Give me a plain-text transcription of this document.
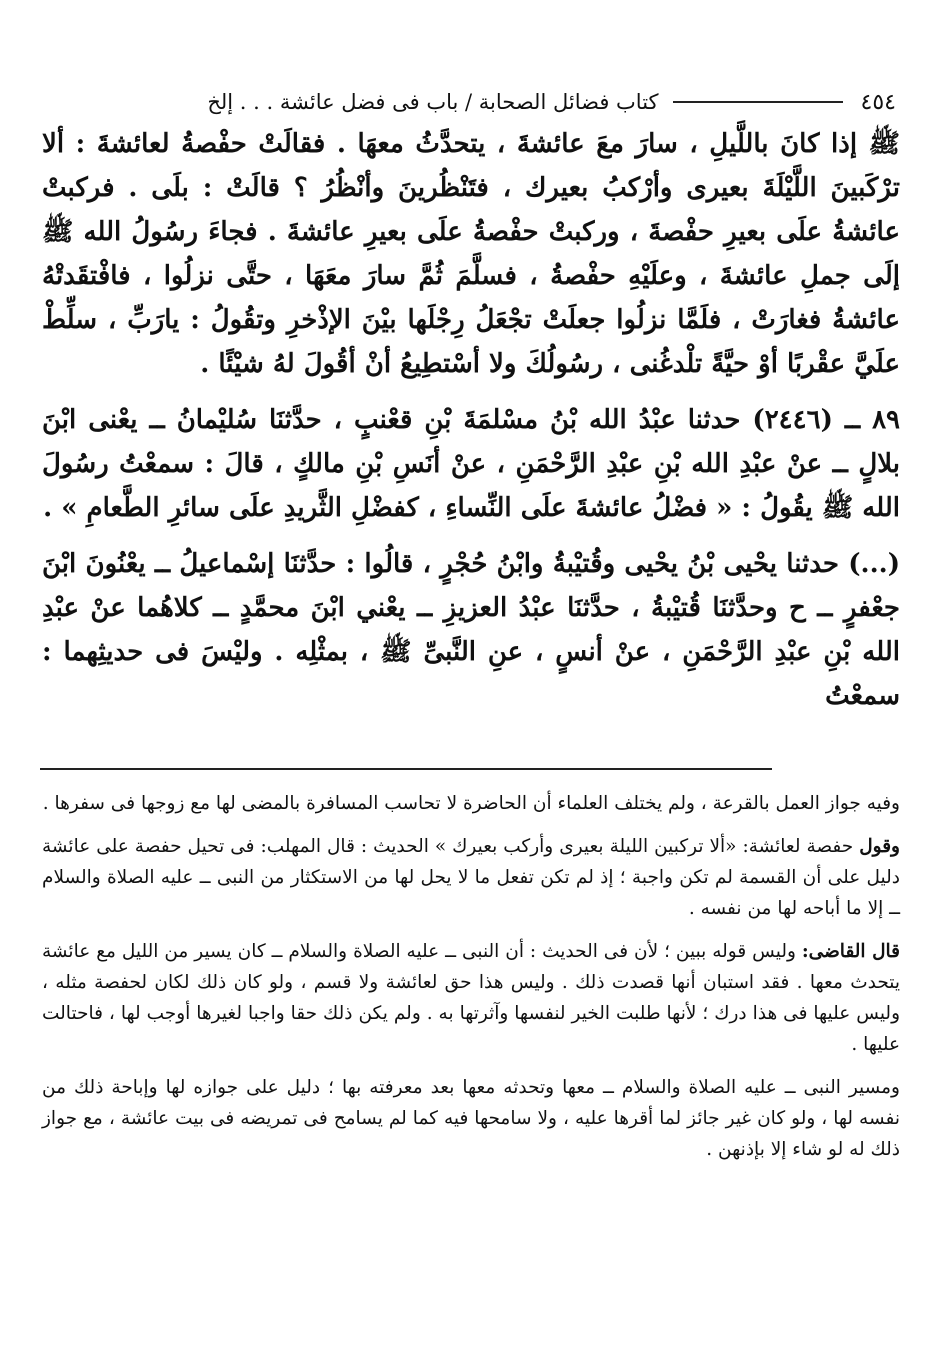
٤٥٤
كتاب فضائل الصحابة / باب فى فضل عائشة . . . إلخ

ﷺ إذا كانَ باللَّيلِ ، سارَ معَ عائشةَ ، يتحدَّثُ معهَا . فقالَتْ حفْصةُ لعائشةَ : ألا ترْكَبينَ اللَّيْلَةَ بعيرى وأرْكبُ بعيرك ، فتَنْظُرينَ وأنْظُرُ ؟ قالَتْ : بلَى . فركبتْ عائشةُ علَى بعيرِ حفْصةَ ، وركبتْ حفْصةُ علَى بعيرِ عائشةَ . فجاءَ رسُولُ الله ﷺ إلَى جملِ عائشةَ ، وعلَيْهِ حفْصةُ ، فسلَّمَ ثُمَّ سارَ معَهَا ، حتَّى نزلُوا ، فافْتقَدتْهُ عائشةُ فغارَتْ ، فلَمَّا نزلُوا جعلَتْ تجْعَلُ رِجْلَها بيْنَ الإذْخرِ وتقُولُ : يارَبِّ ، سلِّطْ علَيَّ عقْربًا أوْ حيَّةً تلْدغُنى ، رسُولُكَ ولا أسْتطِيعُ أنْ أقُولَ لهُ شيْئًا .

٨٩ ــ (٢٤٤٦) حدثنا عبْدُ الله بْنُ مسْلمَةَ بْنِ قعْنبٍ ، حدَّثنَا سُليْمانُ ــ يعْنى ابْنَ بلالٍ ــ عنْ عبْدِ الله بْنِ عبْدِ الرَّحْمَنِ ، عنْ أنَسِ بْنِ مالكٍ ، قالَ : سمعْتُ رسُولَ الله ﷺ يقُولُ : « فضْلُ عائشةَ علَى النِّساءِ ، كفضْلِ الثَّريدِ علَى سائرِ الطَّعامِ » .

(...) حدثنا يحْيى بْنُ يحْيى وقُتيْبةُ وابْنُ حُجْرٍ ، قالُوا : حدَّثنَا إسْماعيلُ ــ يعْنُونَ ابْنَ جعْفرٍ ــ ح وحدَّثنَا قُتيْبةُ ، حدَّثنَا عبْدُ العزيزِ ــ يعْني ابْنَ محمَّدٍ ــ كلاهُما عنْ عبْدِ الله بْنِ عبْدِ الرَّحْمَنِ ، عنْ أنسٍ ، عنِ النَّبىِّ ﷺ ، بمثْلِه . وليْسَ فى حديثِهما : سمعْتُ

وفيه جواز العمل بالقرعة ، ولم يختلف العلماء أن الحاضرة لا تحاسب المسافرة بالمضى لها مع زوجها فى سفرها .

وقول حفصة لعائشة: «ألا تركبين الليلة بعيرى وأركب بعيرك » الحديث : قال المهلب: فى تحيل حفصة على عائشة دليل على أن القسمة لم تكن واجبة ؛ إذ لم تكن تفعل ما لا يحل لها من الاستكثار من النبى ــ عليه الصلاة والسلام ــ إلا ما أباحه لها من نفسه .

قال القاضى: وليس قوله ببين ؛ لأن فى الحديث : أن النبى ــ عليه الصلاة والسلام ــ كان يسير من الليل مع عائشة يتحدث معها . فقد استبان أنها قصدت ذلك . وليس هذا حق لعائشة ولا قسم ، ولو كان ذلك لكان لحفصة مثله ، وليس عليها فى هذا درك ؛ لأنها طلبت الخير لنفسها وآثرتها به . ولم يكن ذلك حقا واجبا لغيرها أوجب لها ، فاحتالت عليها .

ومسير النبى ــ عليه الصلاة والسلام ــ معها وتحدثه معها بعد معرفته بها ؛ دليل على جوازه لها وإباحة ذلك من نفسه لها ، ولو كان غير جائز لما أقرها عليه ، ولا سامحها فيه كما لم يسامح فى تمريضه فى بيت عائشة ، مع جواز ذلك له لو شاء إلا بإذنهن .
